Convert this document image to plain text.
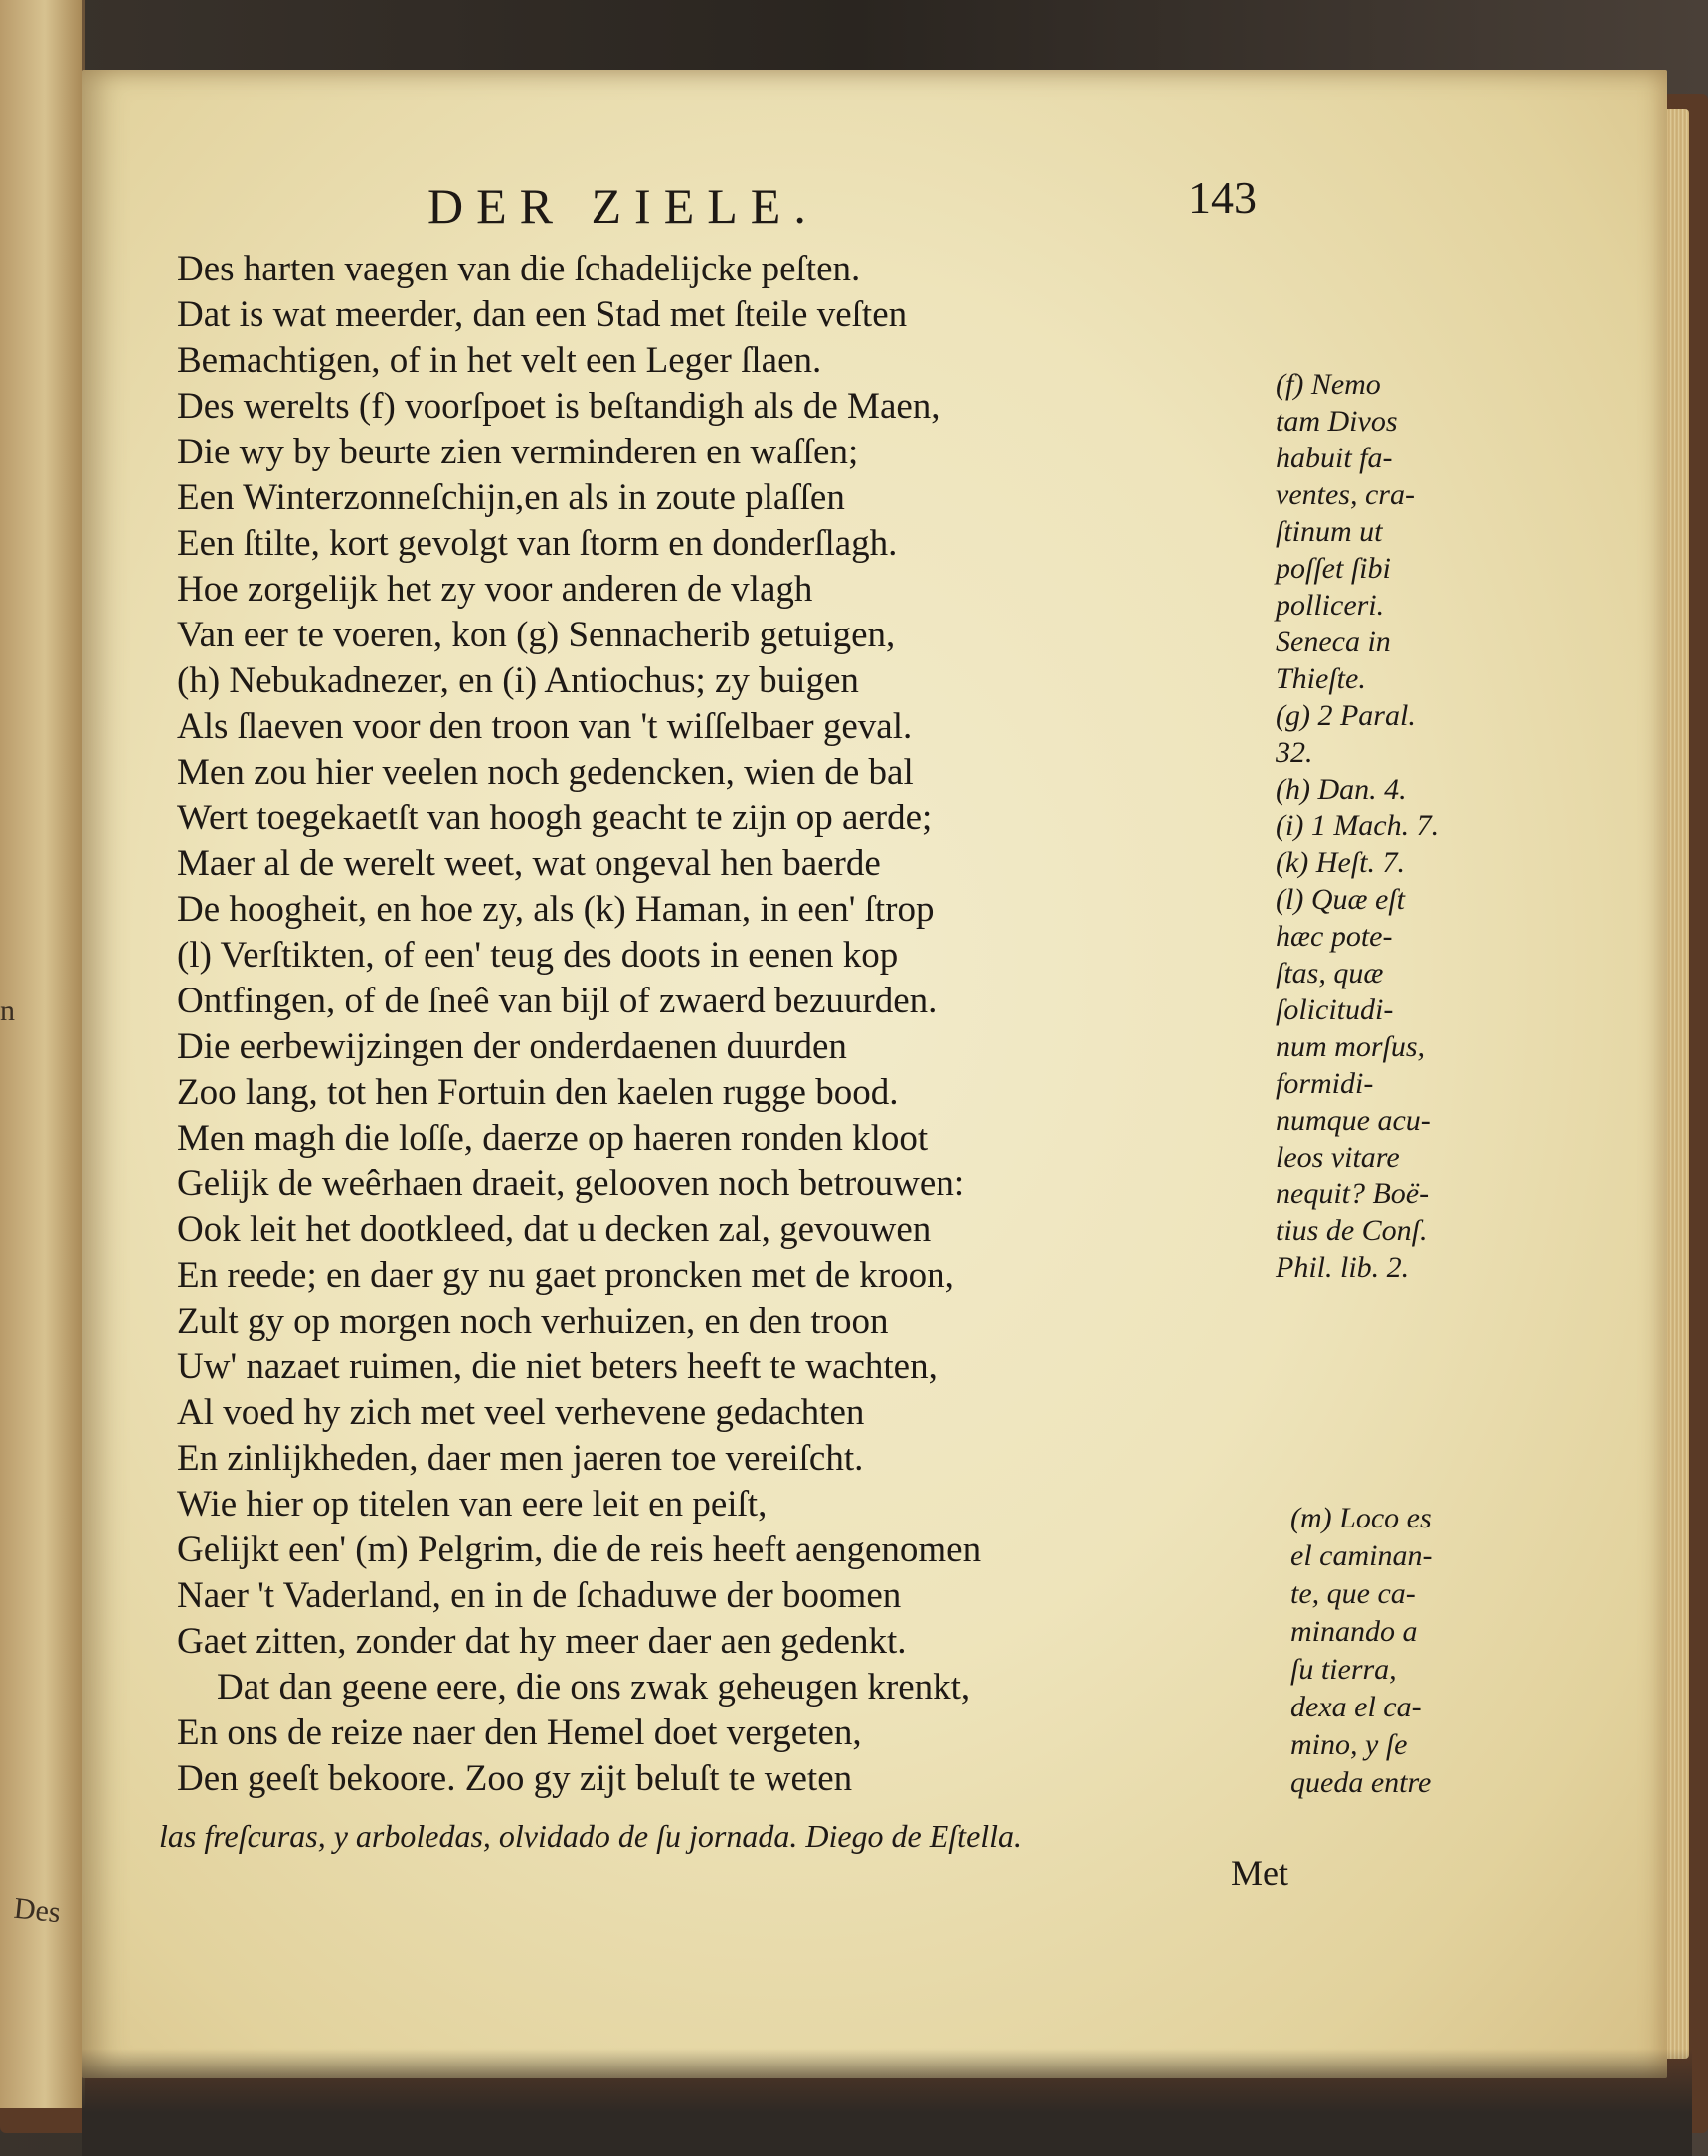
n
Des

DER ZIELE.	143
Des harten vaegen van die ſchadelijcke peſten.
Dat is wat meerder, dan een Stad met ſteile veſten
Bemachtigen, of in het velt een Leger ſlaen.
Des werelts (f) voorſpoet is beſtandigh als de Maen,
Die wy by beurte zien verminderen en waſſen;
Een Winterzonneſchijn,en als in zoute plaſſen
Een ſtilte, kort gevolgt van ſtorm en donderſlagh.
Hoe zorgelijk het zy voor anderen de vlagh
Van eer te voeren, kon (g) Sennacherib getuigen,
(h) Nebukadnezer, en (i) Antiochus; zy buigen
Als ſlaeven voor den troon van 't wiſſelbaer geval.
Men zou hier veelen noch gedencken, wien de bal
Wert toegekaetſt van hoogh geacht te zijn op aerde;
Maer al de werelt weet, wat ongeval hen baerde
De hoogheit, en hoe zy, als (k) Haman, in een' ſtrop
(l) Verſtikten, of een' teug des doots in eenen kop
Ontfingen, of de ſneê van bijl of zwaerd bezuurden.
Die eerbewijzingen der onderdaenen duurden
Zoo lang, tot hen Fortuin den kaelen rugge bood.
Men magh die loſſe, daerze op haeren ronden kloot
Gelijk de weêrhaen draeit, gelooven noch betrouwen:
Ook leit het dootkleed, dat u decken zal, gevouwen
En reede; en daer gy nu gaet proncken met de kroon,
Zult gy op morgen noch verhuizen, en den troon
Uw' nazaet ruimen, die niet beters heeft te wachten,
Al voed hy zich met veel verhevene gedachten
En zinlijkheden, daer men jaeren toe vereiſcht.
Wie hier op titelen van eere leit en peiſt,
Gelijkt een' (m) Pelgrim, die de reis heeft aengenomen
Naer 't Vaderland, en in de ſchaduwe der boomen
Gaet zitten, zonder dat hy meer daer aen gedenkt.
Dat dan geene eere, die ons zwak geheugen krenkt,
En ons de reize naer den Hemel doet vergeten,
Den geeſt bekoore. Zoo gy zijt beluſt te weten
(f) Nemo
tam Divos
habuit fa-
ventes, cra-
ſtinum ut
poſſet ſibi
polliceri.
Seneca in
Thieſte.
(g) 2 Paral.
32.
(h) Dan. 4.
(i) 1 Mach. 7.
(k) Heſt. 7.
(l) Quæ eſt
hæc pote-
ſtas, quæ
ſolicitudi-
num morſus,
formidi-
numque acu-
leos vitare
nequit? Boë-
tius de Conſ.
Phil. lib. 2.
(m) Loco es
el caminan-
te, que ca-
minando a
ſu tierra,
dexa el ca-
mino, y ſe
queda entre
las freſcuras, y arboledas, olvidado de ſu jornada. Diego de Eſtella.
Met
